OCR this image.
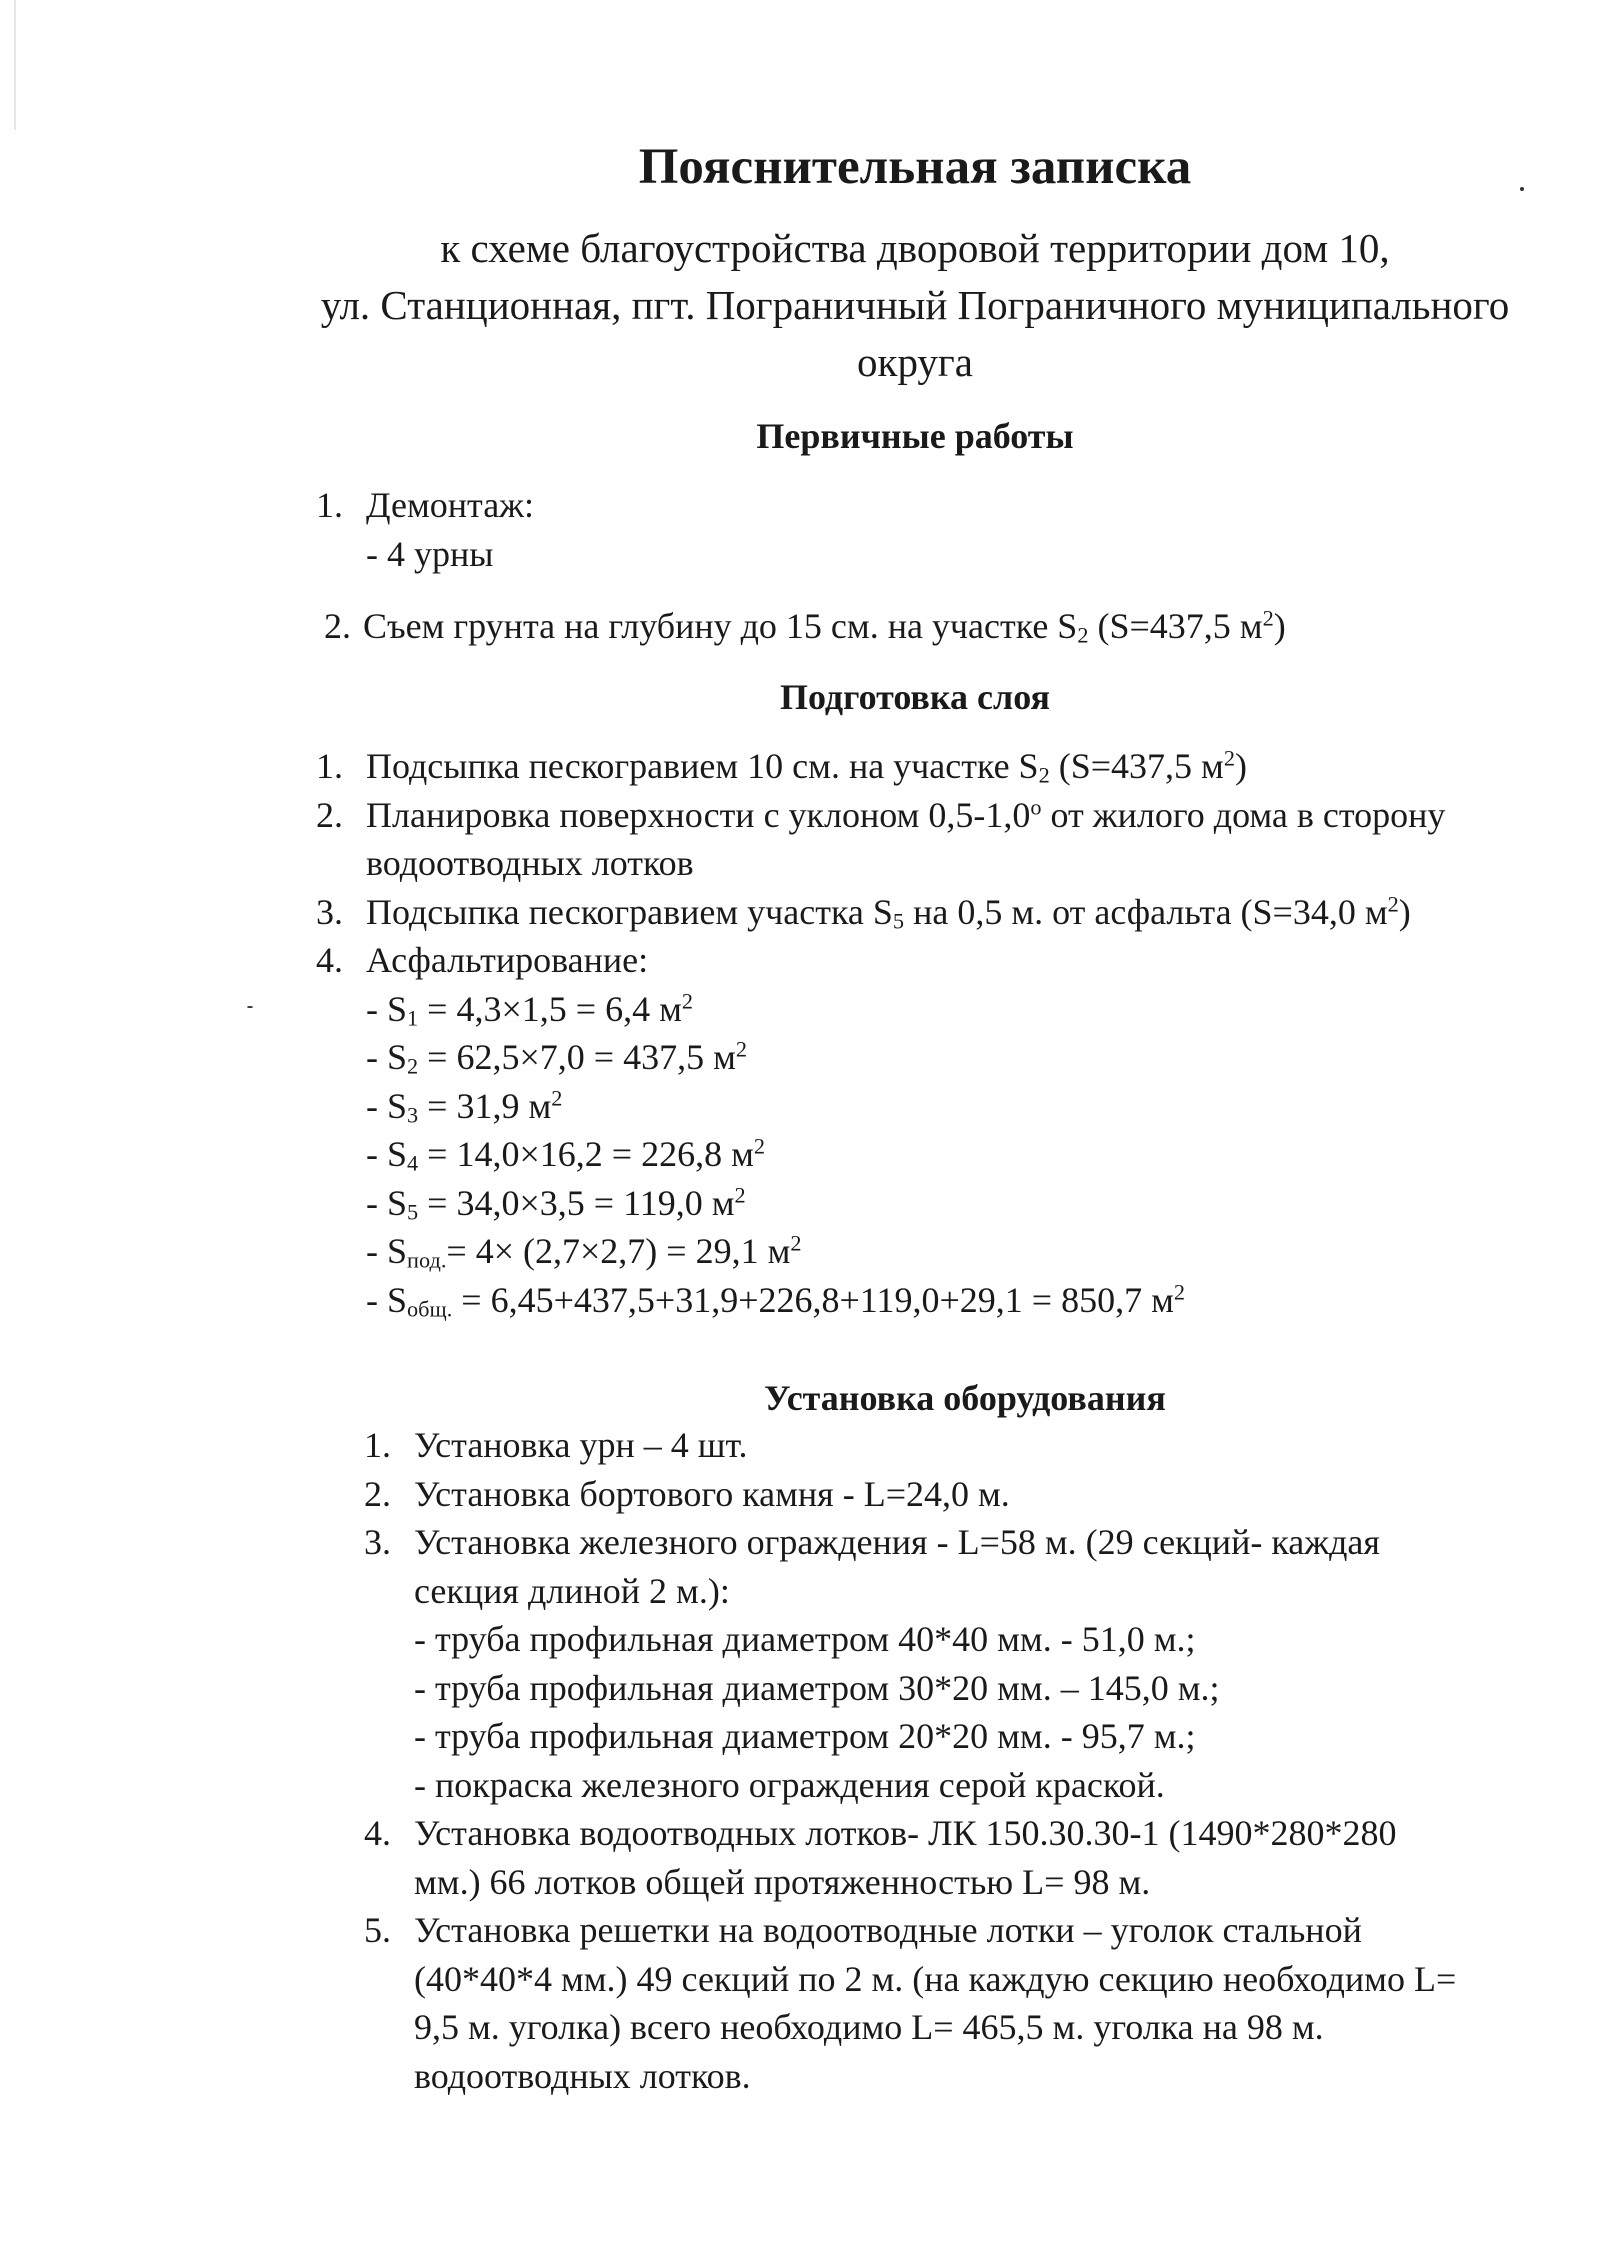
Пояснительная записка
к схеме благоустройства дворовой территории дом 10,
ул. Станционная, пгт. Пограничный Пограничного муниципального
округа
Первичные работы
1. Демонтаж:
- 4 урны
2. Съем грунта на глубину до 15 см. на участке $S_2$ (S=437,5 $м^2$)
Подготовка слоя
1. Подсыпка пескогравием 10 см. на участке $S_2$ (S=437,5 $м^2$)
2. Планировка поверхности с уклоном $0,5-1,0^о$ от жилого дома в сторону
водоотводных лотков
3. Подсыпка пескогравием участка $S_5$ на 0,5 м. от асфальта (S=34,0 $м^2$)
4. Асфальтирование:
- $S_1 = 4,3\times 1,5 = 6,4$ $м^2$
- $S_2 = 62,5\times 7,0 = 437,5$ $м^2$
- $S_3 = 31,9$ $м^2$
- $S_4 = 14,0\times 16,2 = 226,8$ $м^2$
- $S_5 = 34,0\times 3,5 = 119,0$ $м^2$
- $S_{под.}= 4\times (2,7\times 2,7) = 29,1$ $м^2$
- $S_{общ.} = 6,45+437,5+31,9+226,8+119,0+29,1 = 850,7$ $м^2$
Установка оборудования
1. Установка урн – 4 шт.
2. Установка бортового камня - L=24,0 м.
3. Установка железного ограждения - L=58 м. (29 секций- каждая
секция длиной 2 м.):
- труба профильная диаметром 40*40 мм. - 51,0 м.;
- труба профильная диаметром 30*20 мм. – 145,0 м.;
- труба профильная диаметром 20*20 мм. - 95,7 м.;
- покраска железного ограждения серой краской.
4. Установка водоотводных лотков- ЛК 150.30.30-1 (1490*280*280
мм.) 66 лотков общей протяженностью L= 98 м.
5. Установка решетки на водоотводные лотки – уголок стальной
(40*40*4 мм.) 49 секций по 2 м. (на каждую секцию необходимо L=
9,5 м. уголка) всего необходимо L= 465,5 м. уголка на 98 м.
водоотводных лотков.
